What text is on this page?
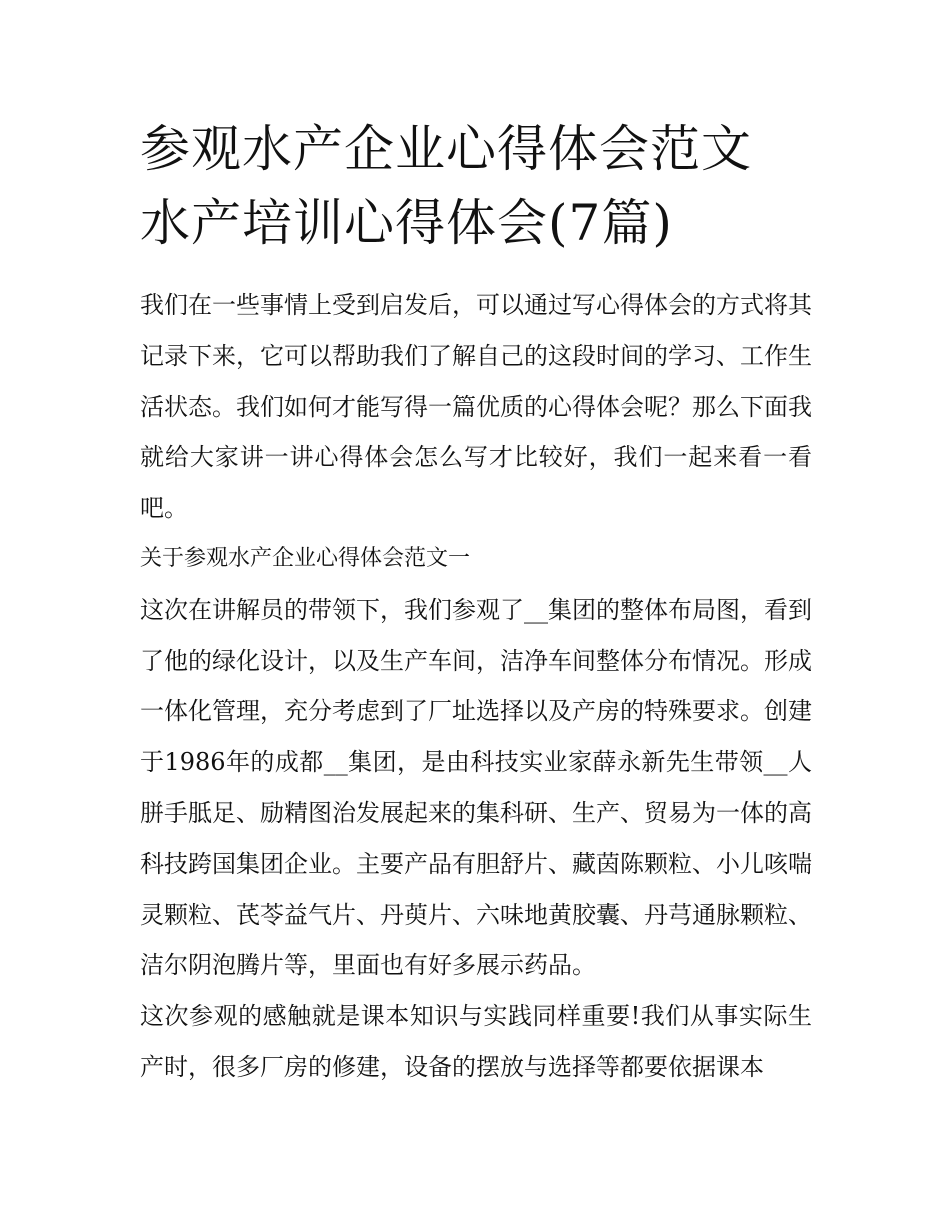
参观水产企业心得体会范文 水产培训心得体会(7篇)

我们在一些事情上受到启发后，可以通过写心得体会的方式将其记录下来，它可以帮助我们了解自己的这段时间的学习、工作生活状态。我们如何才能写得一篇优质的心得体会呢？那么下面我就给大家讲一讲心得体会怎么写才比较好，我们一起来看一看吧。

关于参观水产企业心得体会范文一

这次在讲解员的带领下，我们参观了__集团的整体布局图，看到了他的绿化设计，以及生产车间，洁净车间整体分布情况。形成一体化管理，充分考虑到了厂址选择以及产房的特殊要求。创建于1986年的成都__集团，是由科技实业家薛永新先生带领__人胼手胝足、励精图治发展起来的集科研、生产、贸易为一体的高科技跨国集团企业。主要产品有胆舒片、藏茵陈颗粒、小儿咳喘灵颗粒、芪苓益气片、丹萸片、六味地黄胶囊、丹芎通脉颗粒、洁尔阴泡腾片等，里面也有好多展示药品。

这次参观的感触就是课本知识与实践同样重要!我们从事实际生产时，很多厂房的修建，设备的摆放与选择等都要依据课本
